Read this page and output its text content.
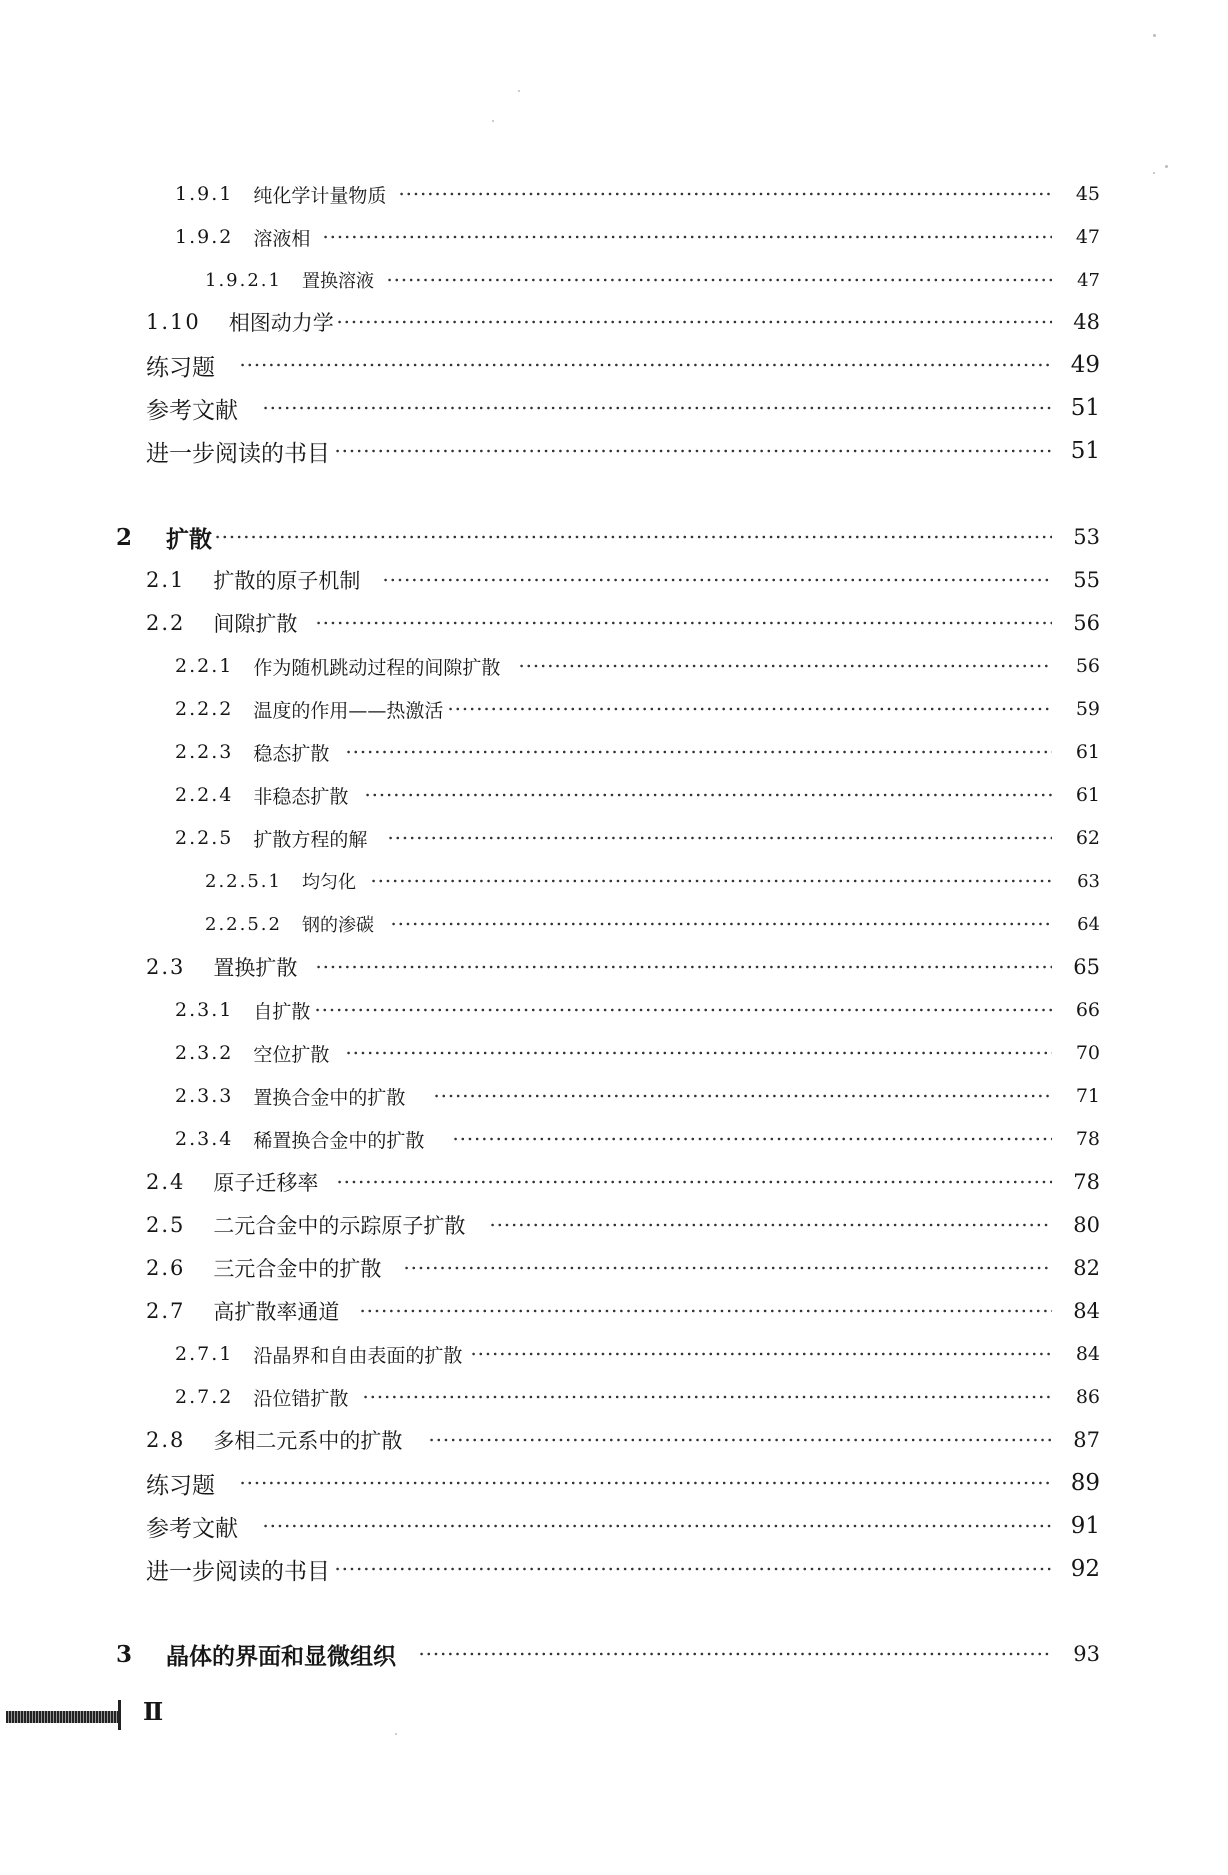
1.9.1 纯化学计量物质	45
1.9.2 溶液相	47
1.9.2.1 置换溶液	47
1.10 相图动力学	48
练习题	49
参考文献	51
进一步阅读的书目	51
2 扩散	53
2.1 扩散的原子机制	55
2.2 间隙扩散	56
2.2.1 作为随机跳动过程的间隙扩散	56
2.2.2 温度的作用——热激活	59
2.2.3 稳态扩散	61
2.2.4 非稳态扩散	61
2.2.5 扩散方程的解	62
2.2.5.1 均匀化	63
2.2.5.2 钢的渗碳	64
2.3 置换扩散	65
2.3.1 自扩散	66
2.3.2 空位扩散	70
2.3.3 置换合金中的扩散	71
2.3.4 稀置换合金中的扩散	78
2.4 原子迁移率	78
2.5 二元合金中的示踪原子扩散	80
2.6 三元合金中的扩散	82
2.7 高扩散率通道	84
2.7.1 沿晶界和自由表面的扩散	84
2.7.2 沿位错扩散	86
2.8 多相二元系中的扩散	87
练习题	89
参考文献	91
进一步阅读的书目	92
3 晶体的界面和显微组织	93
Ⅱ
